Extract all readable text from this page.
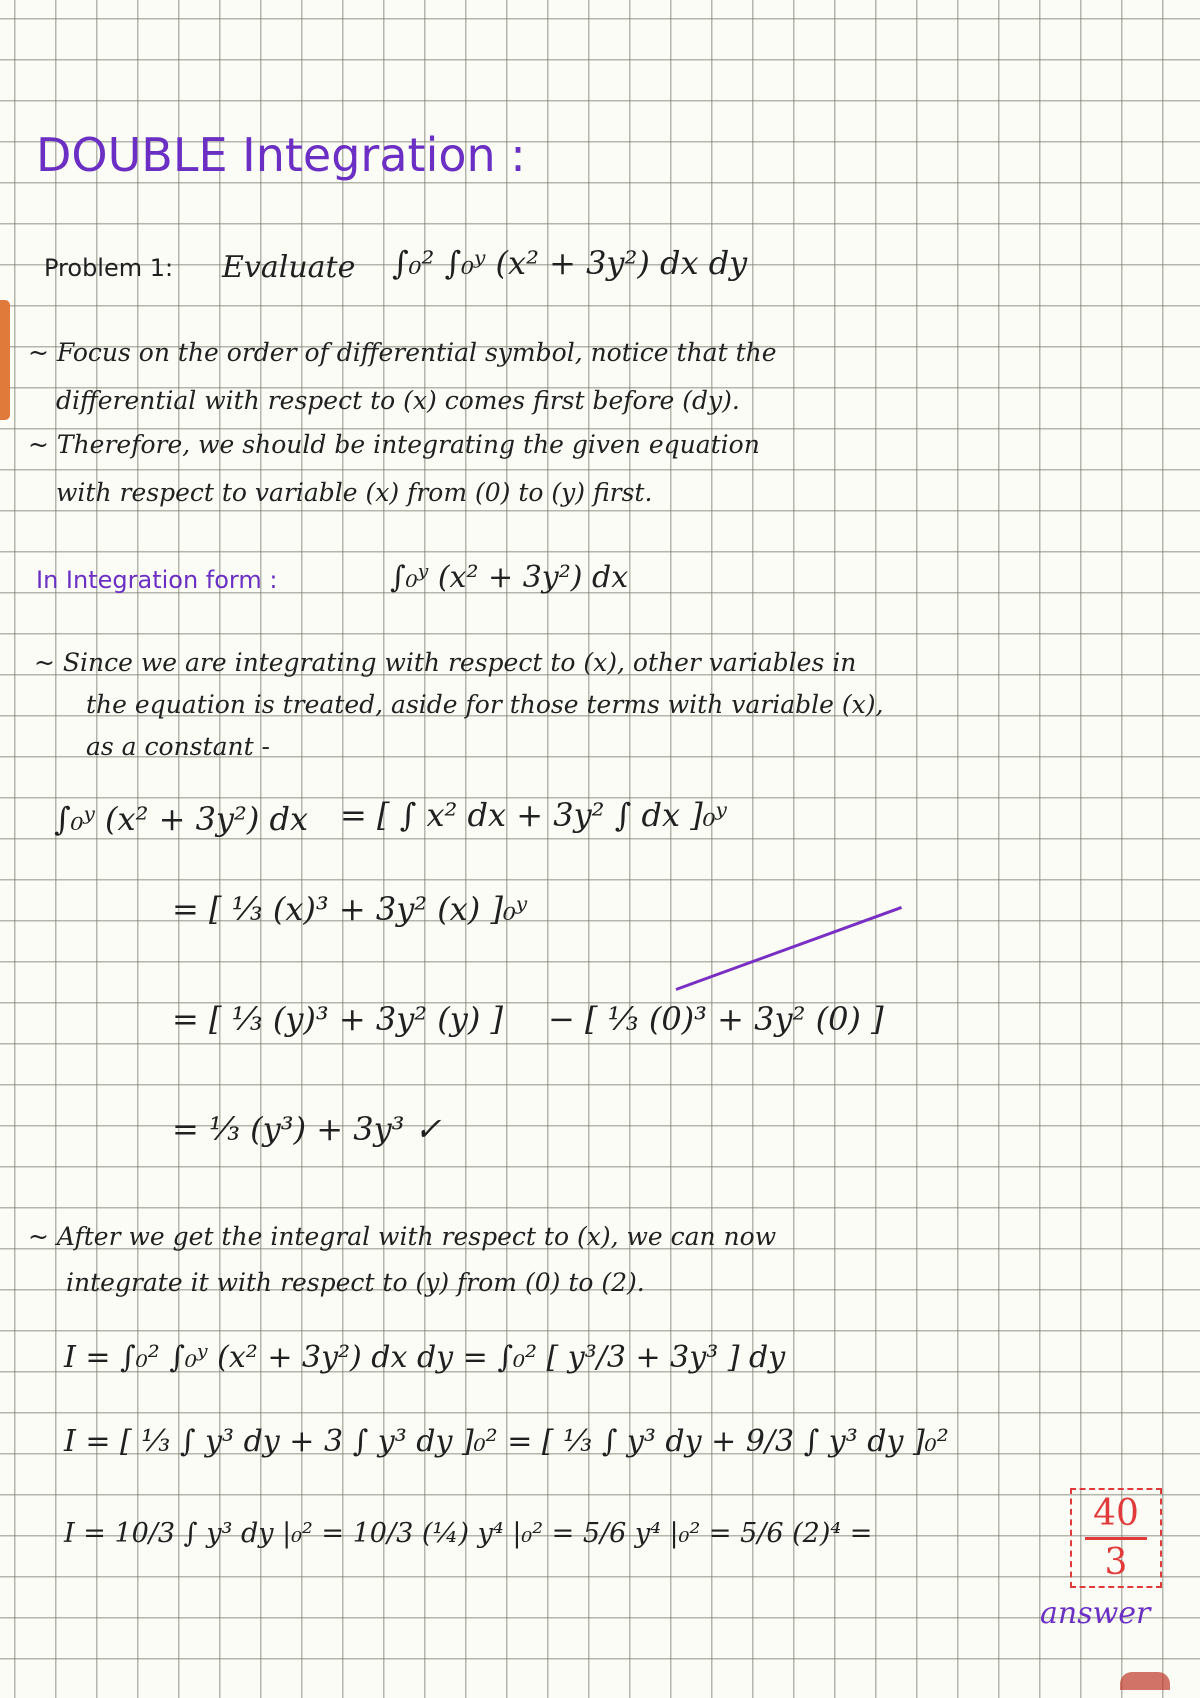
DOUBLE Integration :
Problem 1: Evaluate ∫₀² ∫₀ʸ (x² + 3y²) dx dy
~ Focus on the order of differential symbol, notice that the
differential with respect to (x) comes first before (dy).
~ Therefore, we should be integrating the given equation
with respect to variable (x) from (0) to (y) first.
In Integration form :	∫₀ʸ (x² + 3y²) dx
~ Since we are integrating with respect to (x), other variables in
the equation is treated, aside for those terms with variable (x),
as a constant -
∫₀ʸ (x² + 3y²) dx = [ ∫ x² dx + 3y² ∫ dx ]₀ʸ
= [ ⅓ (x)³ + 3y² (x) ]₀ʸ
= [ ⅓ (y)³ + 3y² (y) ] − [ ⅓ (0)³ + 3y² (0) ]
= ⅓ (y³) + 3y³ ✓
~ After we get the integral with respect to (x), we can now
integrate it with respect to (y) from (0) to (2).
I = ∫₀² ∫₀ʸ (x² + 3y²) dx dy = ∫₀² [ y³/3 + 3y³ ] dy
I = [ ⅓ ∫ y³ dy + 3 ∫ y³ dy ]₀² = [ ⅓ ∫ y³ dy + 9/3 ∫ y³ dy ]₀²
I = 10/3 ∫ y³ dy |₀² = 10/3 (¼) y⁴ |₀² = 5/6 y⁴ |₀² = 5/6 (2)⁴ =	40
3
answer
